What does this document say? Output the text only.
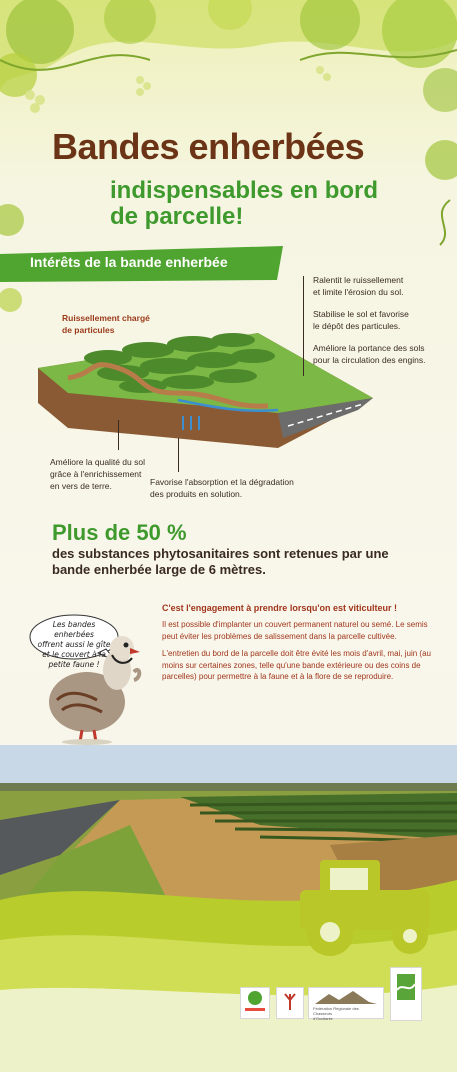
Bandes enherbées
indispensables en bord
de parcelle!
Intérêts de la bande enherbée
Ruissellement chargé
de particules
Ralentit le ruissellement
et limite l'érosion du sol.
Stabilise le sol et favorise
le dépôt des particules.
Améliore la portance des sols
pour la circulation des engins.
Améliore la qualité du sol
grâce à l'enrichissement
en vers de terre.	Favorise l'absorption et la dégradation
des produits en solution.
Plus de 50 %
des substances phytosanitaires sont retenues par une
bande enherbée large de 6 mètres.
Les bandes enherbées
offrent aussi le gîte
et le couvert à la
petite faune !
C'est l'engagement à prendre lorsqu'on est viticulteur !
Il est possible d'implanter un couvert permanent naturel ou semé. Le semis peut éviter les problèmes de salissement dans la parcelle cultivée.
L'entretien du bord de la parcelle doit être évité les mois d'avril, mai, juin (au moins sur certaines zones, telle qu'une bande extérieure ou des coins de parcelles) pour permettre à la faune et à la flore de se reproduire.
Fédération Régionale des Chasseurs
d'Occitanie
